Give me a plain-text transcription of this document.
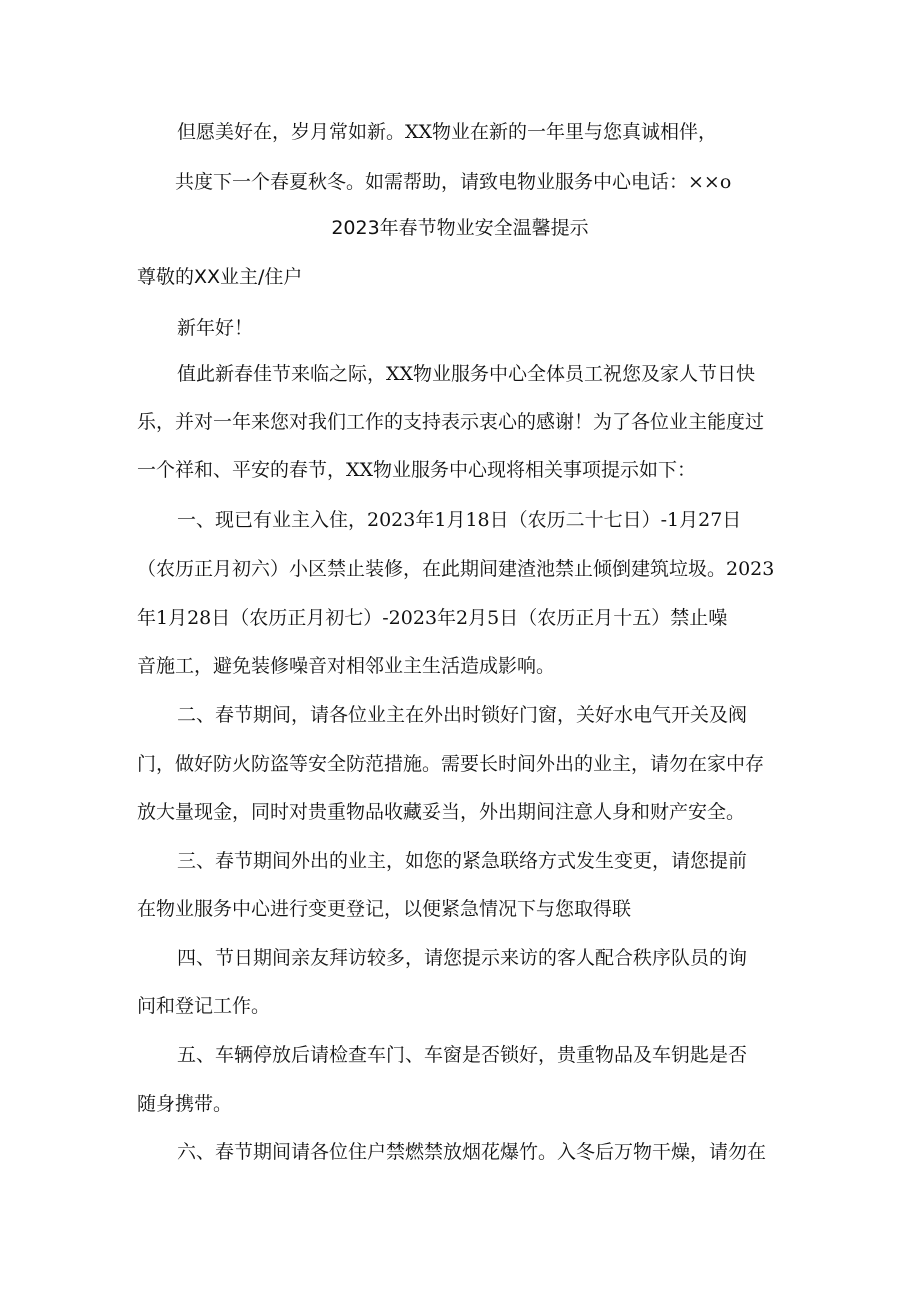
但愿美好在，岁月常如新。XX物业在新的一年里与您真诚相伴，
共度下一个春夏秋冬。如需帮助，请致电物业服务中心电话：××o
2023年春节物业安全温馨提示
尊敬的XX业主/住户
新年好！
值此新春佳节来临之际，XX物业服务中心全体员工祝您及家人节日快
乐，并对一年来您对我们工作的支持表示衷心的感谢！为了各位业主能度过
一个祥和、平安的春节，XX物业服务中心现将相关事项提示如下：
一、现已有业主入住，2023年1月18日（农历二十七日）-1月27日
（农历正月初六）小区禁止装修，在此期间建渣池禁止倾倒建筑垃圾。2023
年1月28日（农历正月初七）-2023年2月5日（农历正月十五）禁止噪
音施工，避免装修噪音对相邻业主生活造成影响。
二、春节期间，请各位业主在外出时锁好门窗，关好水电气开关及阀
门，做好防火防盗等安全防范措施。需要长时间外出的业主，请勿在家中存
放大量现金，同时对贵重物品收藏妥当，外出期间注意人身和财产安全。
三、春节期间外出的业主，如您的紧急联络方式发生变更，请您提前
在物业服务中心进行变更登记，以便紧急情况下与您取得联
四、节日期间亲友拜访较多，请您提示来访的客人配合秩序队员的询
问和登记工作。
五、车辆停放后请检查车门、车窗是否锁好，贵重物品及车钥匙是否
随身携带。
六、春节期间请各位住户禁燃禁放烟花爆竹。入冬后万物干燥，请勿在
